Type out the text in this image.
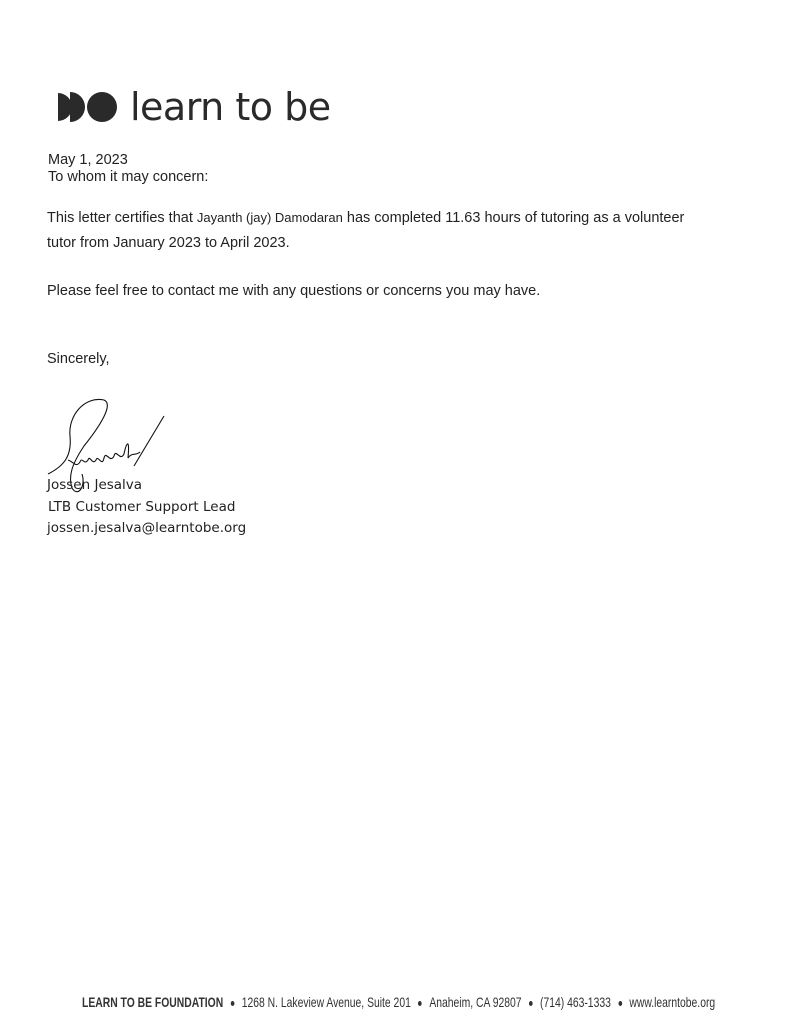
learn to be
May 1, 2023
To whom it may concern:
This letter certifies that Jayanth (jay) Damodaran has completed 11.63 hours of tutoring as a volunteer
tutor from January 2023 to April 2023.
Please feel free to contact me with any questions or concerns you may have.
Sincerely,
Jossen Jesalva
LTB Customer Support Lead
jossen.jesalva@learntobe.org
LEARN TO BE FOUNDATION 1268 N. Lakeview Avenue, Suite 201 Anaheim, CA 92807 (714) 463-1333 www.learntobe.org
